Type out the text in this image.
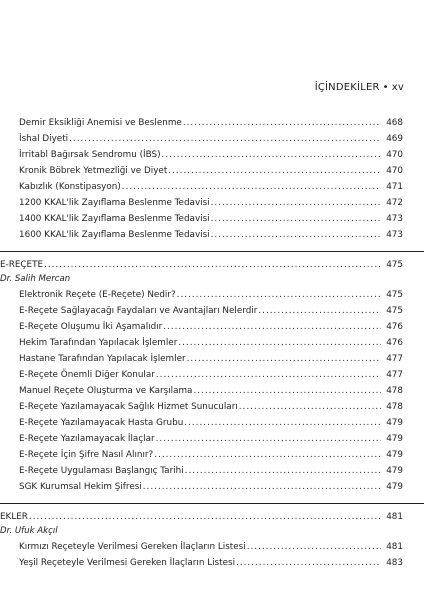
İÇİNDEKİLER • xv
Demir Eksikliği Anemisi ve Beslenme .....	468
İshal Diyeti .....	469
İrritabl Bağırsak Sendromu (İBS) .....	470
Kronik Böbrek Yetmezliği ve Diyet .....	470
Kabızlık (Konstipasyon) .....	471
1200 KKAL'lik Zayıflama Beslenme Tedavisi .....	472
1400 KKAL'lik Zayıflama Beslenme Tedavisi .....	473
1600 KKAL'lik Zayıflama Beslenme Tedavisi .....	473
E-REÇETE .....	475
Dr. Salih Mercan
Elektronik Reçete (E-Reçete) Nedir? .....	475
E-Reçete Sağlayacağı Faydaları ve Avantajları Nelerdir .....	475
E-Reçete Oluşumu İki Aşamalıdır .....	476
Hekim Tarafından Yapılacak İşlemler .....	476
Hastane Tarafından Yapılacak İşlemler .....	477
E-Reçete Önemli Diğer Konular .....	477
Manuel Reçete Oluşturma ve Karşılama .....	478
E-Reçete Yazılamayacak Sağlık Hizmet Sunucuları .....	478
E-Reçete Yazılamayacak Hasta Grubu .....	479
E-Reçete Yazılamayacak İlaçlar .....	479
E-Reçete İçin Şifre Nasıl Alınır? .....	479
E-Reçete Uygulaması Başlangıç Tarihi .....	479
SGK Kurumsal Hekim Şifresi .....	479
EKLER .....	481
Dr. Ufuk Akçıl
Kırmızı Reçeteyle Verilmesi Gereken İlaçların Listesi .....	481
Yeşil Reçeteyle Verilmesi Gereken İlaçların Listesi .....	483
